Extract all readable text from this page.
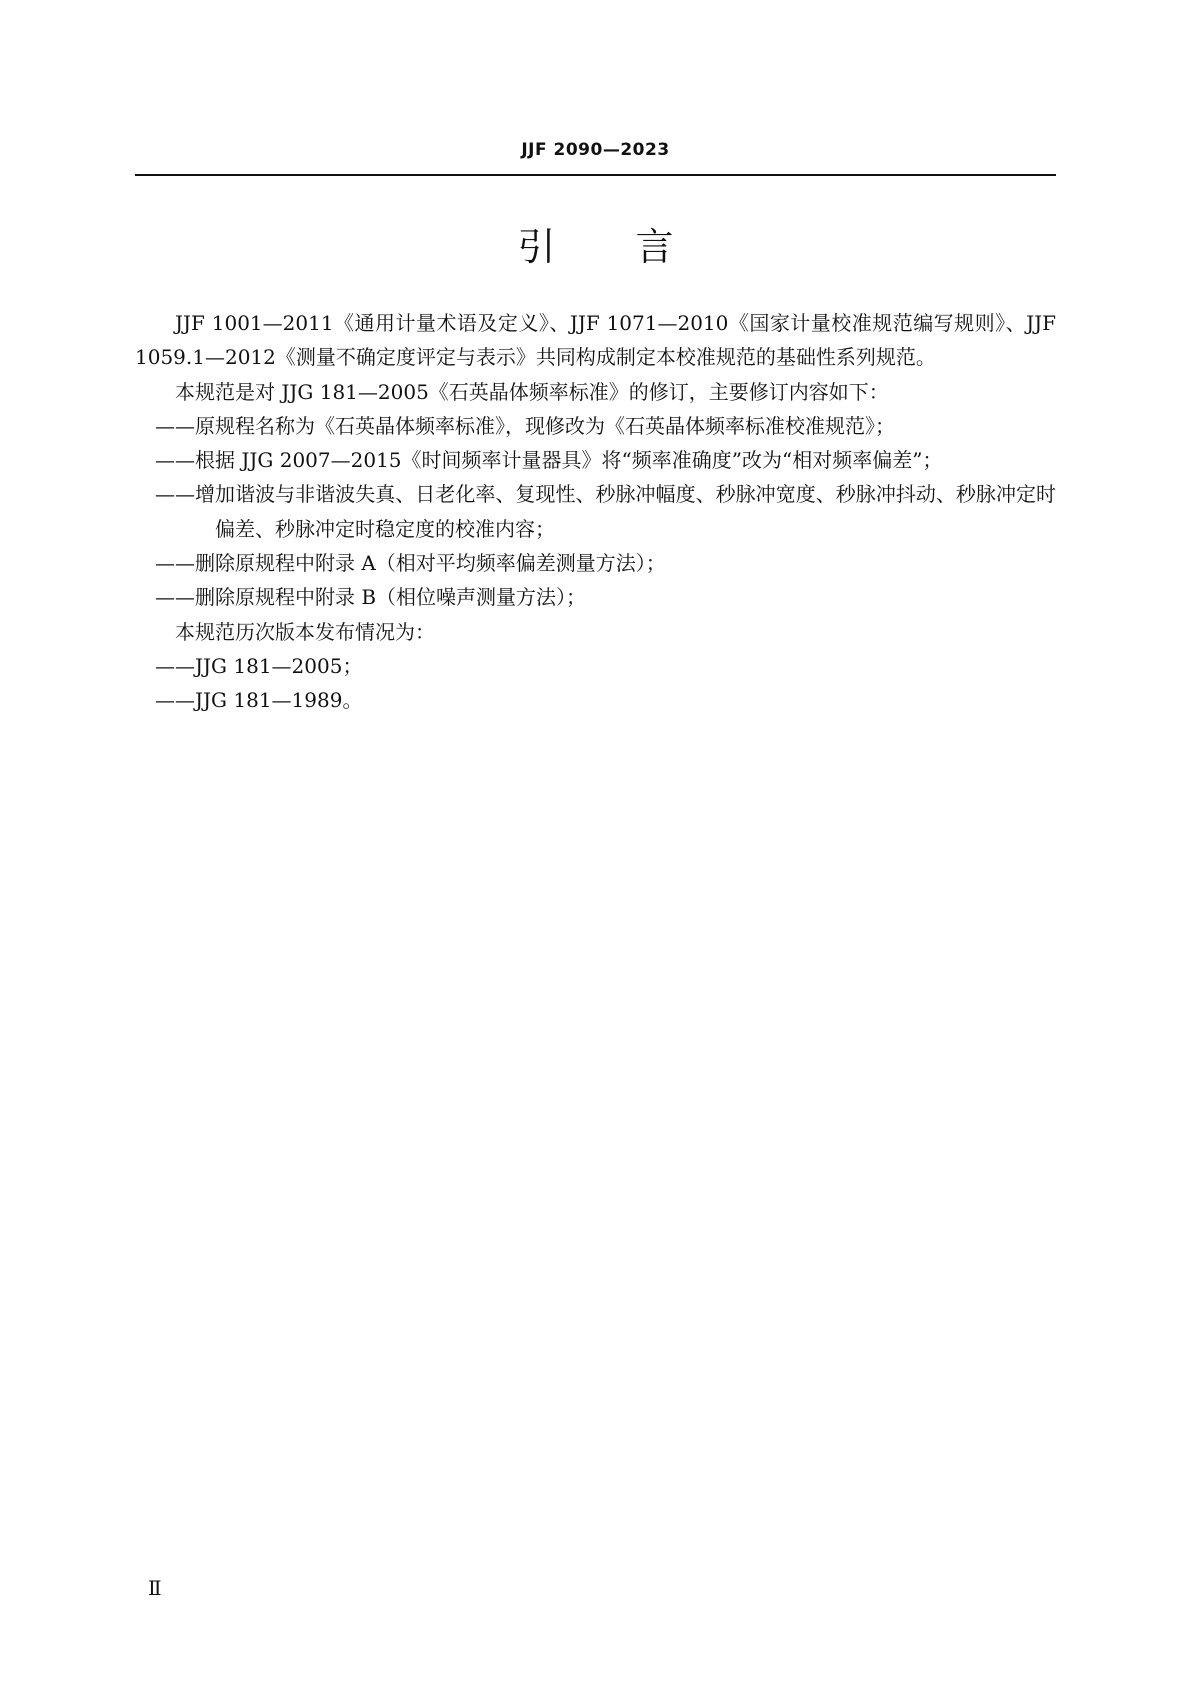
JJF 2090—2023
引言

JJF 1001—2011《通用计量术语及定义》、JJF 1071—2010《国家计量校准规范编写规则》、JJF 1059.1—2012《测量不确定度评定与表示》共同构成制定本校准规范的基础性系列规范。

本规范是对 JJG 181—2005《石英晶体频率标准》的修订，主要修订内容如下：

——原规程名称为《石英晶体频率标准》，现修改为《石英晶体频率标准校准规范》；

——根据 JJG 2007—2015《时间频率计量器具》将“频率准确度”改为“相对频率偏差”；

——增加谐波与非谐波失真、日老化率、复现性、秒脉冲幅度、秒脉冲宽度、秒脉冲抖动、秒脉冲定时偏差、秒脉冲定时稳定度的校准内容；

——删除原规程中附录 A（相对平均频率偏差测量方法）；

——删除原规程中附录 B（相位噪声测量方法）；

本规范历次版本发布情况为：

——JJG 181—2005；

——JJG 181—1989。

Ⅱ
